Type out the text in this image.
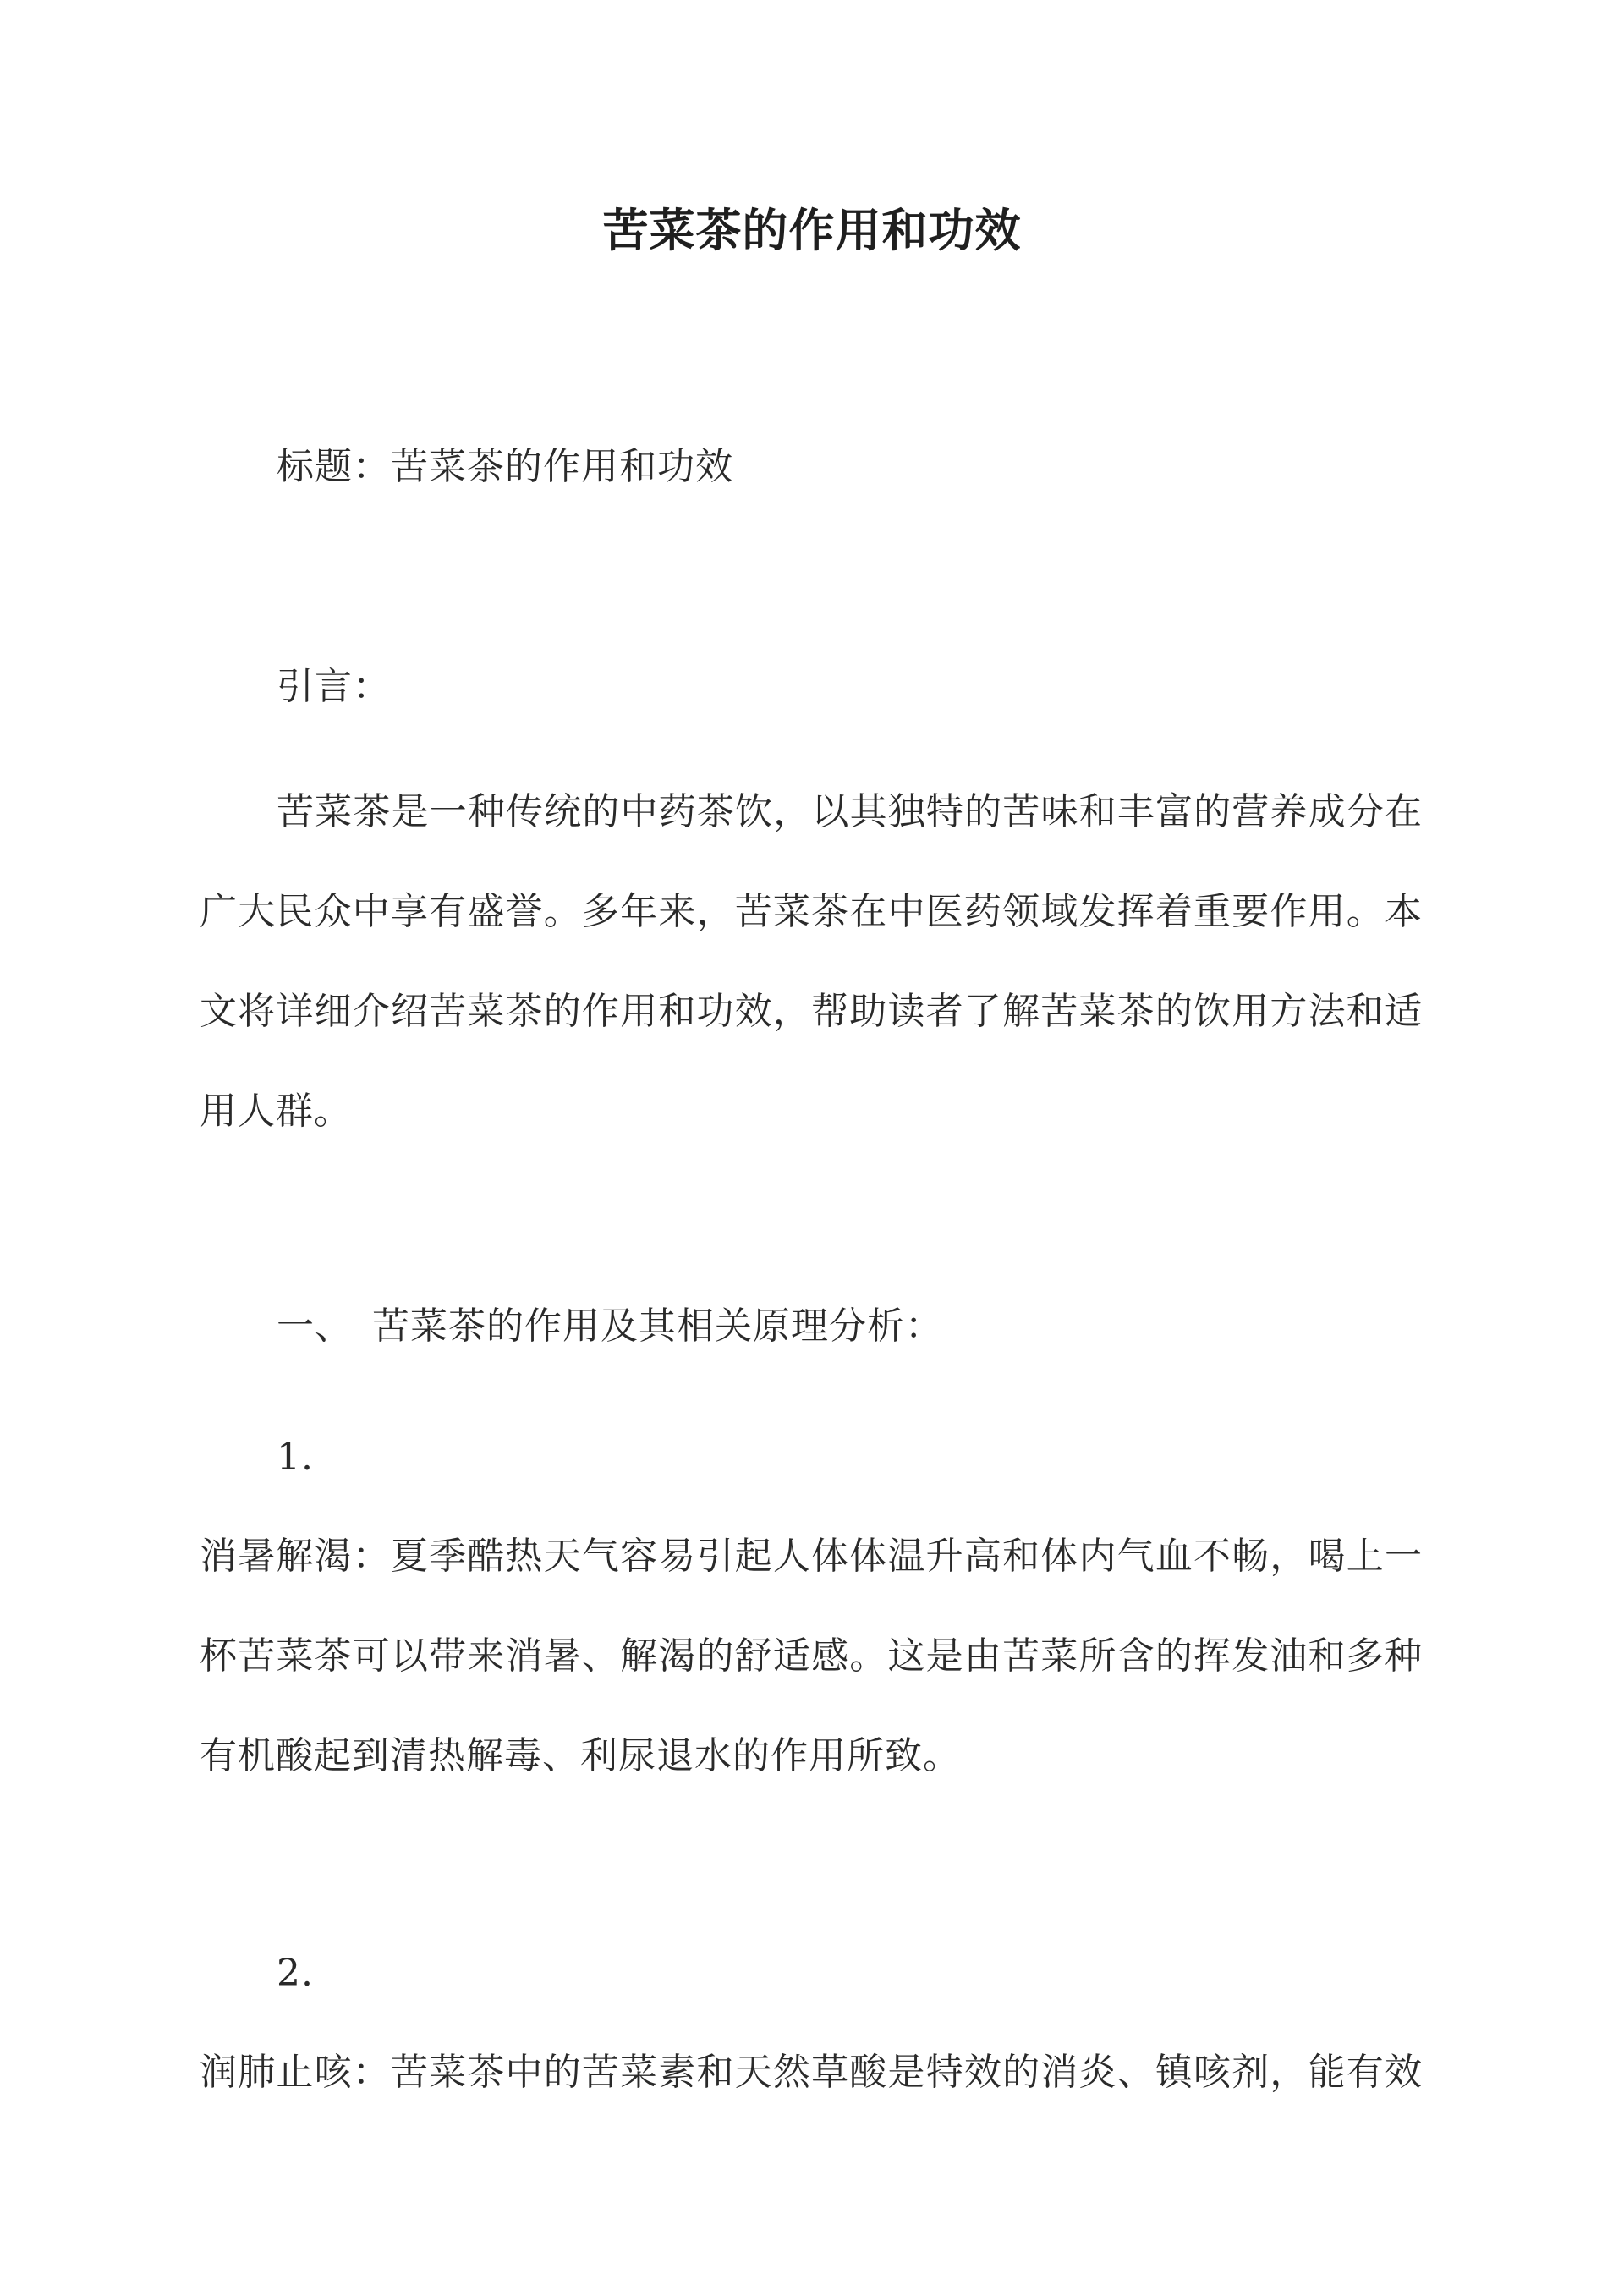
苦菜茶的作用和功效
标题：苦菜茶的作用和功效
引言：
苦菜茶是一种传统的中药茶饮，以其独特的苦味和丰富的营养成分在
广大民众中享有盛誉。多年来，苦菜茶在中医药领域发挥着重要作用。本
文将详细介绍苦菜茶的作用和功效，帮助读者了解苦菜茶的饮用方法和适
用人群。
一、　苦菜茶的作用及其相关原理分析：
1.
消暑解渴：夏季酷热天气容易引起人体体温升高和体内气血不畅，喝上一
杯苦菜茶可以带来消暑、解渴的舒适感。这是由苦菜所含的挥发油和多种
有机酸起到清热解毒、利尿退水的作用所致。
2.
润肺止咳：苦菜茶中的苦菜素和天然草酸是特效的消炎、镇咳剂，能有效
